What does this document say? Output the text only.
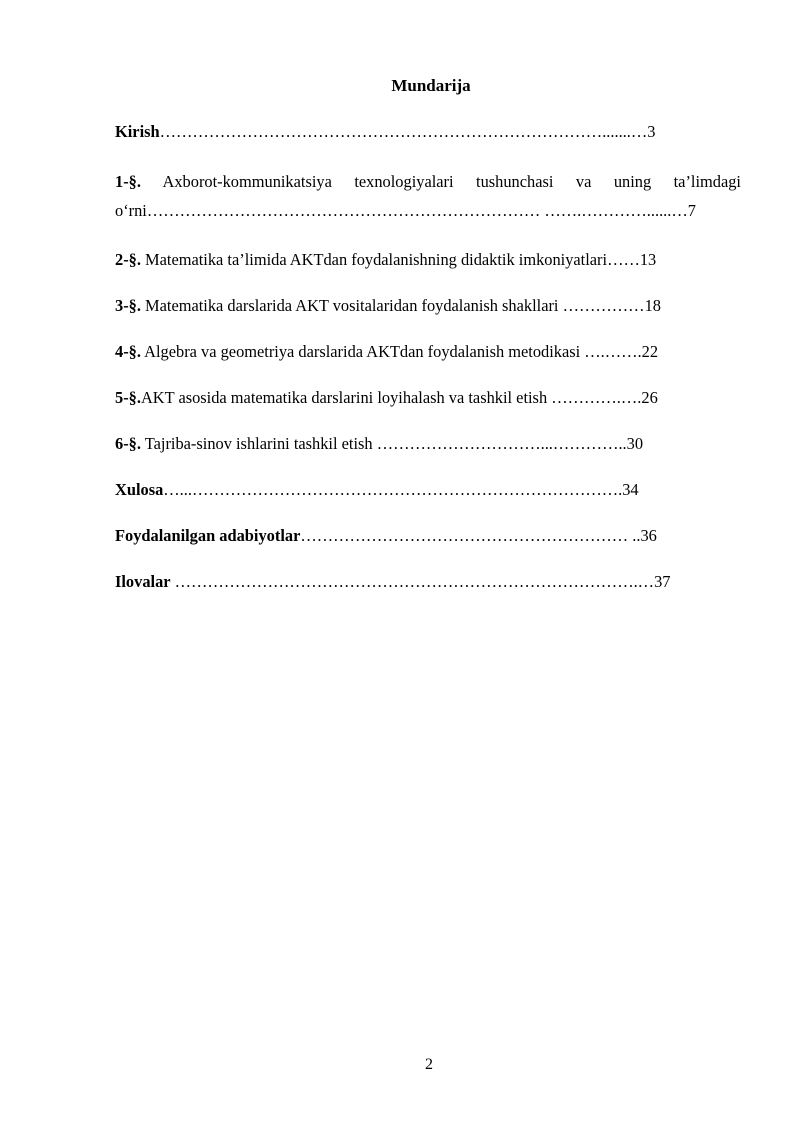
Mundarija
Kirish……………………………………………………………………….......…3
1-§. Axborot-kommunikatsiya texnologiyalari tushunchasi va uning ta’limdagi o‘rni……………………………………………………………… …….…………......…7
2-§. Matematika ta’limida AKTdan foydalanishning didaktik imkoniyatlari……13
3-§. Matematika darslarida AKT vositalaridan foydalanish shakllari ……………18
4-§. Algebra va geometriya darslarida AKTdan foydalanish metodikasi ….…….22
5-§.AKT asosida matematika darslarini loyihalash va tashkil etish ………….….26
6-§. Tajriba-sinov ishlarini tashkil etish …………………………...…………..30
Xulosa…...…………………………………………………………………….34
Foydalanilgan adabiyotlar…………………………………………………… ..36
Ilovalar ………………………………………………………………………….…37
2
